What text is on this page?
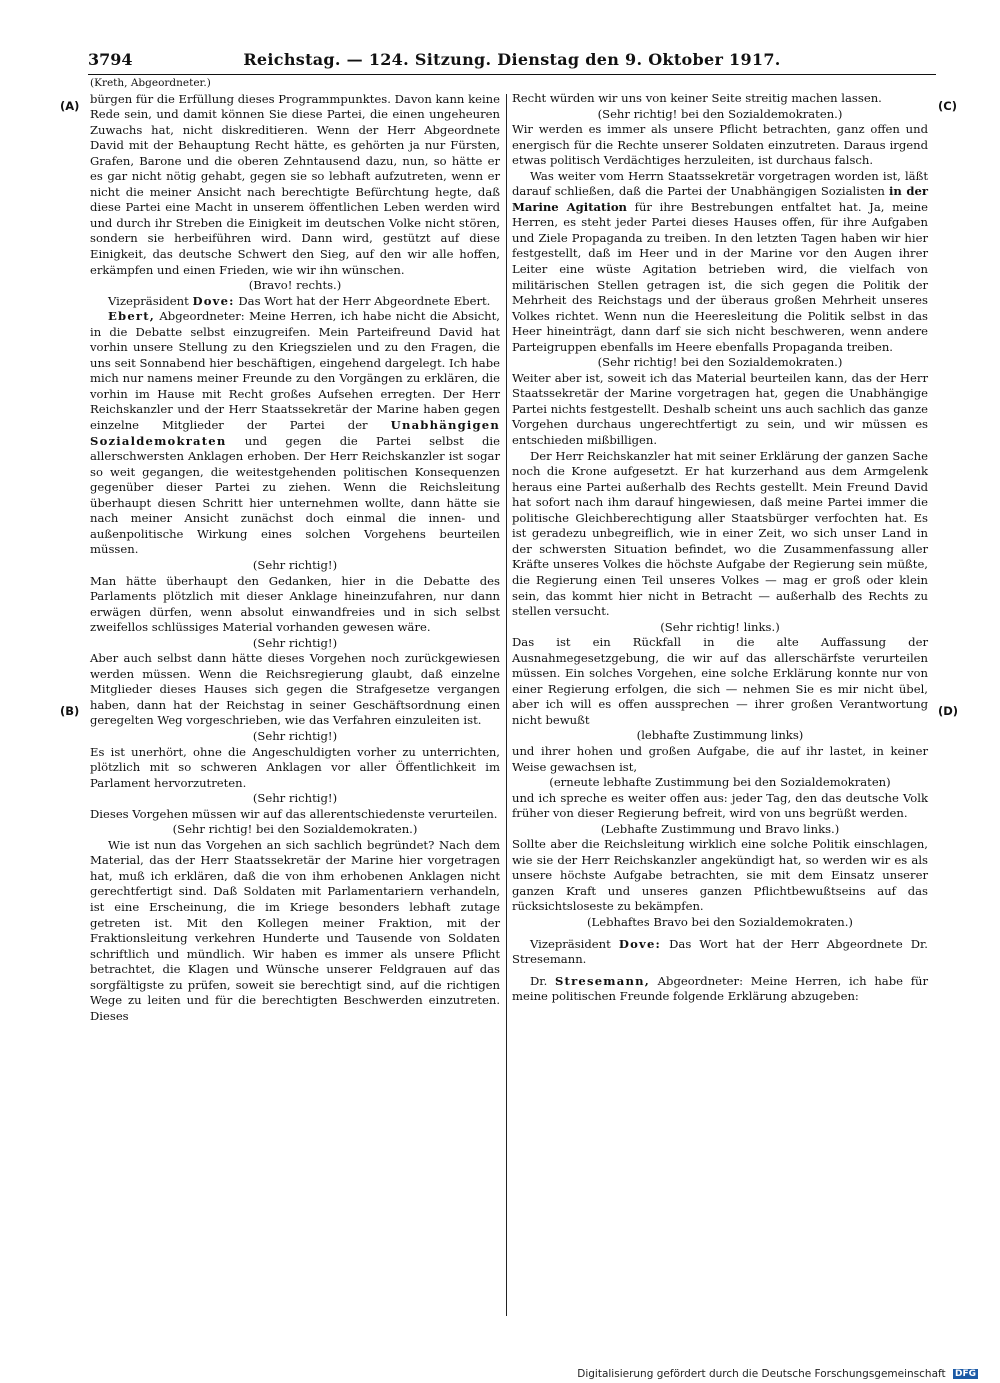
3794	Reichstag. — 124. Sitzung. Dienstag den 9. Oktober 1917.
(A)
(B)
(C)
(D)

(Kreth, Abgeordneter.)

bürgen für die Erfüllung dieses Programmpunktes. Davon kann keine Rede sein, und damit können Sie diese Partei, die einen ungeheuren Zuwachs hat, nicht diskreditieren. Wenn der Herr Abgeordnete David mit der Behauptung Recht hätte, es gehörten ja nur Fürsten, Grafen, Barone und die oberen Zehntausend dazu, nun, so hätte er es gar nicht nötig gehabt, gegen sie so lebhaft aufzutreten, wenn er nicht die meiner Ansicht nach berechtigte Befürchtung hegte, daß diese Partei eine Macht in unserem öffentlichen Leben werden wird und durch ihr Streben die Einigkeit im deutschen Volke nicht stören, sondern sie herbeiführen wird. Dann wird, gestützt auf diese Einigkeit, das deutsche Schwert den Sieg, auf den wir alle hoffen, erkämpfen und einen Frieden, wie wir ihn wünschen.

(Bravo! rechts.)

Vizepräsident Dove: Das Wort hat der Herr Abgeordnete Ebert.

Ebert, Abgeordneter: Meine Herren, ich habe nicht die Absicht, in die Debatte selbst einzugreifen. Mein Parteifreund David hat vorhin unsere Stellung zu den Kriegszielen und zu den Fragen, die uns seit Sonnabend hier beschäftigen, eingehend dargelegt. Ich habe mich nur namens meiner Freunde zu den Vorgängen zu erklären, die vorhin im Hause mit Recht großes Aufsehen erregten. Der Herr Reichskanzler und der Herr Staatssekretär der Marine haben gegen einzelne Mitglieder der Partei der Unabhängigen Sozialdemokraten und gegen die Partei selbst die allerschwersten Anklagen erhoben. Der Herr Reichskanzler ist sogar so weit gegangen, die weitestgehenden politischen Konsequenzen gegenüber dieser Partei zu ziehen. Wenn die Reichsleitung überhaupt diesen Schritt hier unternehmen wollte, dann hätte sie nach meiner Ansicht zunächst doch einmal die innen- und außenpolitische Wirkung eines solchen Vorgehens beurteilen müssen.

(Sehr richtig!)

Man hätte überhaupt den Gedanken, hier in die Debatte des Parlaments plötzlich mit dieser Anklage hineinzufahren, nur dann erwägen dürfen, wenn absolut einwandfreies und in sich selbst zweifellos schlüssiges Material vorhanden gewesen wäre.

(Sehr richtig!)

Aber auch selbst dann hätte dieses Vorgehen noch zurückgewiesen werden müssen. Wenn die Reichsregierung glaubt, daß einzelne Mitglieder dieses Hauses sich gegen die Strafgesetze vergangen haben, dann hat der Reichstag in seiner Geschäftsordnung einen geregelten Weg vorgeschrieben, wie das Verfahren einzuleiten ist.

(Sehr richtig!)

Es ist unerhört, ohne die Angeschuldigten vorher zu unterrichten, plötzlich mit so schweren Anklagen vor aller Öffentlichkeit im Parlament hervorzutreten.

(Sehr richtig!)

Dieses Vorgehen müssen wir auf das allerentschiedenste verurteilen.

(Sehr richtig! bei den Sozialdemokraten.)

Wie ist nun das Vorgehen an sich sachlich begründet? Nach dem Material, das der Herr Staatssekretär der Marine hier vorgetragen hat, muß ich erklären, daß die von ihm erhobenen Anklagen nicht gerechtfertigt sind. Daß Soldaten mit Parlamentariern verhandeln, ist eine Erscheinung, die im Kriege besonders lebhaft zutage getreten ist. Mit den Kollegen meiner Fraktion, mit der Fraktionsleitung verkehren Hunderte und Tausende von Soldaten schriftlich und mündlich. Wir haben es immer als unsere Pflicht betrachtet, die Klagen und Wünsche unserer Feldgrauen auf das sorgfältigste zu prüfen, soweit sie berechtigt sind, auf die richtigen Wege zu leiten und für die berechtigten Beschwerden einzutreten. Dieses

Recht würden wir uns von keiner Seite streitig machen lassen.

(Sehr richtig! bei den Sozialdemokraten.)

Wir werden es immer als unsere Pflicht betrachten, ganz offen und energisch für die Rechte unserer Soldaten einzutreten. Daraus irgend etwas politisch Verdächtiges herzuleiten, ist durchaus falsch.

Was weiter vom Herrn Staatssekretär vorgetragen worden ist, läßt darauf schließen, daß die Partei der Unabhängigen Sozialisten in der Marine Agitation für ihre Bestrebungen entfaltet hat. Ja, meine Herren, es steht jeder Partei dieses Hauses offen, für ihre Aufgaben und Ziele Propaganda zu treiben. In den letzten Tagen haben wir hier festgestellt, daß im Heer und in der Marine vor den Augen ihrer Leiter eine wüste Agitation betrieben wird, die vielfach von militärischen Stellen getragen ist, die sich gegen die Politik der Mehrheit des Reichstags und der überaus großen Mehrheit unseres Volkes richtet. Wenn nun die Heeresleitung die Politik selbst in das Heer hineinträgt, dann darf sie sich nicht beschweren, wenn andere Parteigruppen ebenfalls im Heere ebenfalls Propaganda treiben.

(Sehr richtig! bei den Sozialdemokraten.)

Weiter aber ist, soweit ich das Material beurteilen kann, das der Herr Staatssekretär der Marine vorgetragen hat, gegen die Unabhängige Partei nichts festgestellt. Deshalb scheint uns auch sachlich das ganze Vorgehen durchaus ungerechtfertigt zu sein, und wir müssen es entschieden mißbilligen.

Der Herr Reichskanzler hat mit seiner Erklärung der ganzen Sache noch die Krone aufgesetzt. Er hat kurzerhand aus dem Armgelenk heraus eine Partei außerhalb des Rechts gestellt. Mein Freund David hat sofort nach ihm darauf hingewiesen, daß meine Partei immer die politische Gleichberechtigung aller Staatsbürger verfochten hat. Es ist geradezu unbegreiflich, wie in einer Zeit, wo sich unser Land in der schwersten Situation befindet, wo die Zusammenfassung aller Kräfte unseres Volkes die höchste Aufgabe der Regierung sein müßte, die Regierung einen Teil unseres Volkes — mag er groß oder klein sein, das kommt hier nicht in Betracht — außerhalb des Rechts zu stellen versucht.

(Sehr richtig! links.)

Das ist ein Rückfall in die alte Auffassung der Ausnahmegesetzgebung, die wir auf das allerschärfste verurteilen müssen. Ein solches Vorgehen, eine solche Erklärung konnte nur von einer Regierung erfolgen, die sich — nehmen Sie es mir nicht übel, aber ich will es offen aussprechen — ihrer großen Verantwortung nicht bewußt

(lebhafte Zustimmung links)

und ihrer hohen und großen Aufgabe, die auf ihr lastet, in keiner Weise gewachsen ist,

(erneute lebhafte Zustimmung bei den Sozialdemokraten)

und ich spreche es weiter offen aus: jeder Tag, den das deutsche Volk früher von dieser Regierung befreit, wird von uns begrüßt werden.

(Lebhafte Zustimmung und Bravo links.)

Sollte aber die Reichsleitung wirklich eine solche Politik einschlagen, wie sie der Herr Reichskanzler angekündigt hat, so werden wir es als unsere höchste Aufgabe betrachten, sie mit dem Einsatz unserer ganzen Kraft und unseres ganzen Pflichtbewußtseins auf das rücksichtsloseste zu bekämpfen.

(Lebhaftes Bravo bei den Sozialdemokraten.)

Vizepräsident Dove: Das Wort hat der Herr Abgeordnete Dr. Stresemann.

Dr. Stresemann, Abgeordneter: Meine Herren, ich habe für meine politischen Freunde folgende Erklärung abzugeben:

Digitalisierung gefördert durch die Deutsche Forschungsgemeinschaft DFG
